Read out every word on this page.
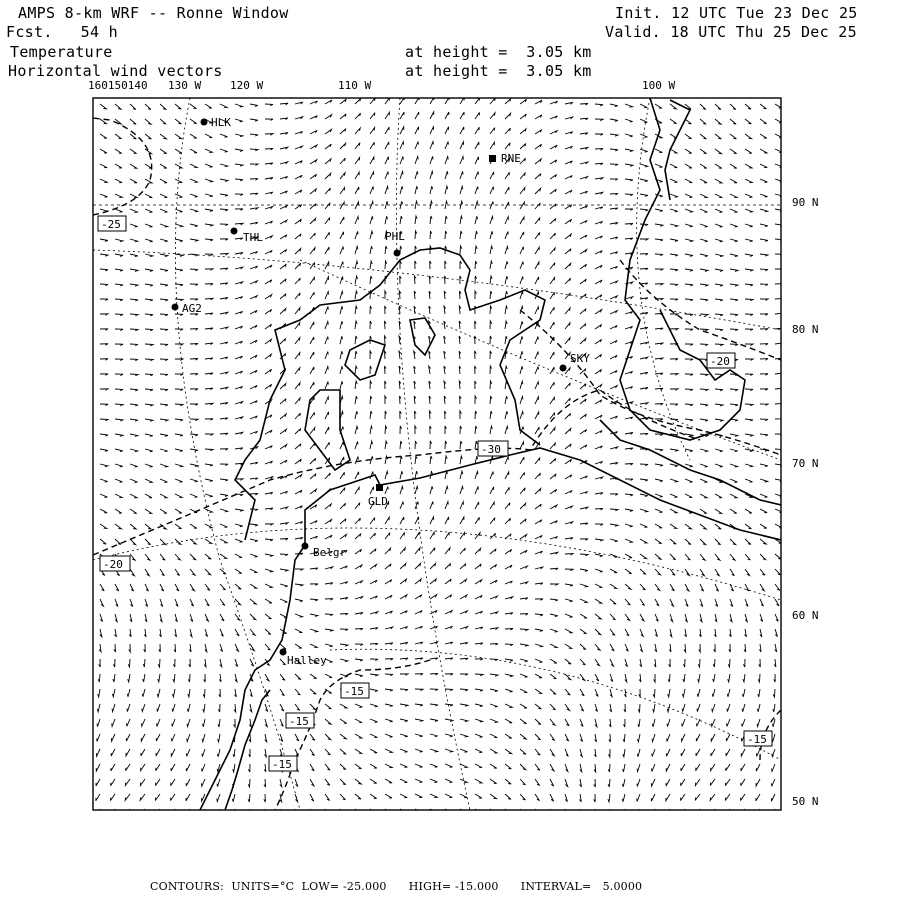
AMPS 8-km WRF -- Ronne Window
Fcst.   54 h
Init. 12 UTC Tue 23 Dec 25
Valid. 18 UTC Thu 25 Dec 25
Temperature	at height =  3.05 km
Horizontal wind vectors	at height =  3.05 km
160150140 130 W	120 W	110 W	100 W
90 N
80 N
70 N
60 N
50 N
HLK
RNE
THL	PHL
AG2
SKY
GLD
Belgr
Halley
-25
-20
-30
-20
-15
-15
-15
-15
CONTOURS:  UNITS=°C  LOW= -25.000      HIGH= -15.000      INTERVAL=   5.0000
